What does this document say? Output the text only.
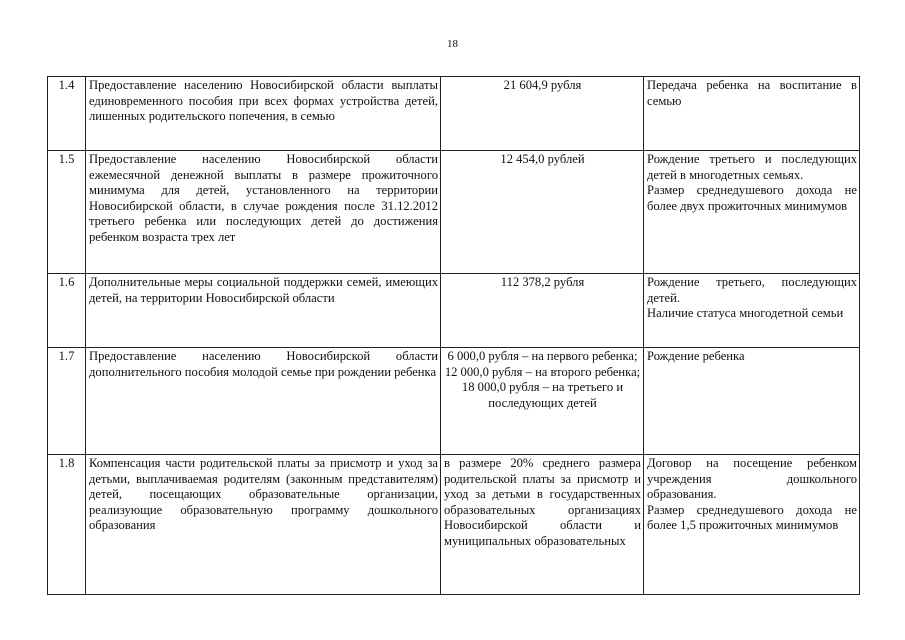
18
1.4	Предоставление населению Новосибирской области выплаты единовременного пособия при всех формах устройства детей, лишенных родительского попечения, в семью	21 604,9 рубля	Передача ребенка на воспитание в семью

1.5	Предоставление населению Новосибирской области ежемесячной денежной выплаты в размере прожиточного минимума для детей, установленного на территории Новосибирской области, в случае рождения после 31.12.2012 третьего ребенка или последующих детей до достижения ребенком возраста трех лет	12 454,0 рублей	Рождение третьего и последующих детей в многодетных семьях.
Размер среднедушевого дохода не более двух прожиточных минимумов

1.6	Дополнительные меры социальной поддержки семей, имеющих детей, на территории Новосибирской области	112 378,2 рубля	Рождение третьего, последующих детей.
Наличие статуса многодетной семьи

1.7	Предоставление населению Новосибирской области дополнительного пособия молодой семье при рождении ребенка	6 000,0 рубля – на первого ребенка;
12 000,0 рубля – на второго ребенка;
18 000,0 рубля – на третьего и последующих детей	Рождение ребенка

1.8	Компенсация части родительской платы за присмотр и уход за детьми, выплачиваемая родителям (законным представителям) детей, посещающих образовательные организации, реализующие образовательную программу дошкольного образования	в размере 20% среднего размера родительской платы за присмотр и уход за детьми в государственных образовательных организациях Новосибирской области и муниципальных образовательных	Договор на посещение ребенком учреждения дошкольного образования.
Размер среднедушевого дохода не более 1,5 прожиточных минимумов
